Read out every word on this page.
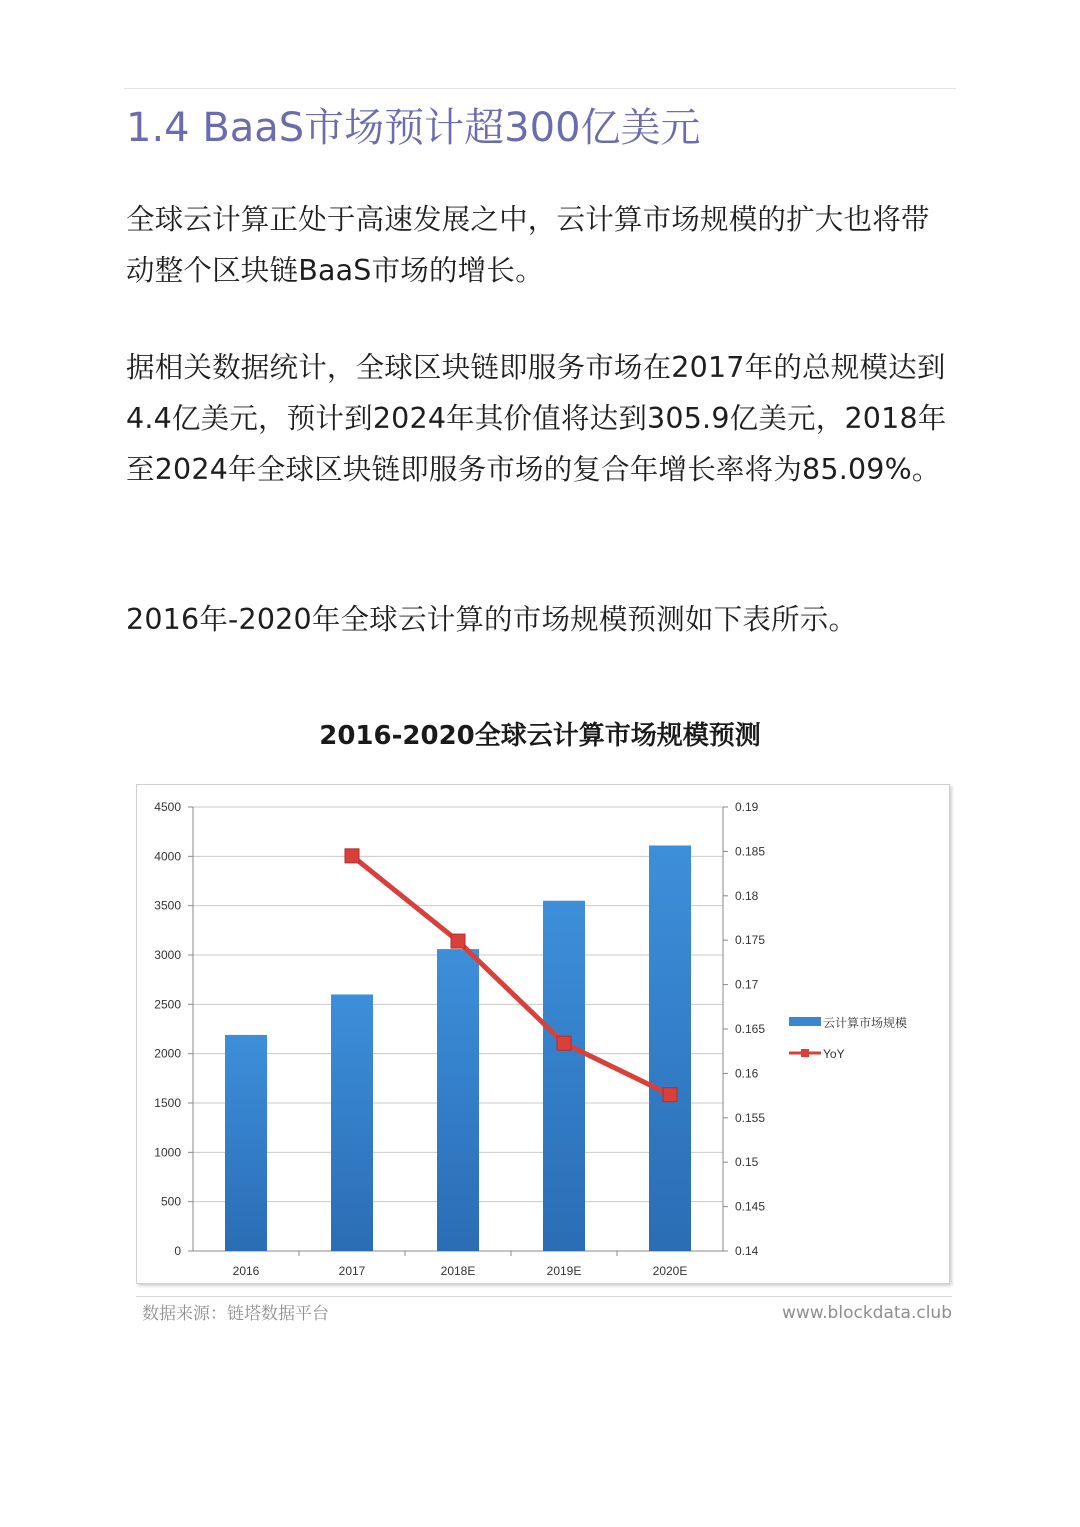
1.4 BaaS市场预计超300亿美元

全球云计算正处于高速发展之中，云计算市场规模的扩大也将带动整个区块链BaaS市场的增长。

据相关数据统计，全球区块链即服务市场在2017年的总规模达到4.4亿美元，预计到2024年其价值将达到305.9亿美元，2018年至2024年全球区块链即服务市场的复合年增长率将为85.09%。

2016年-2020年全球云计算的市场规模预测如下表所示。

2016-2020全球云计算市场规模预测
0
500
1000
1500
2000
2500
3000
3500
4000
4500
0.14
0.145
0.15
0.155
0.16
0.165
0.17
0.175
0.18
0.185
0.19
2016	2017	2018E	2019E	2020E
云计算市场规模
YoY
数据来源：链塔数据平台	www.blockdata.club
